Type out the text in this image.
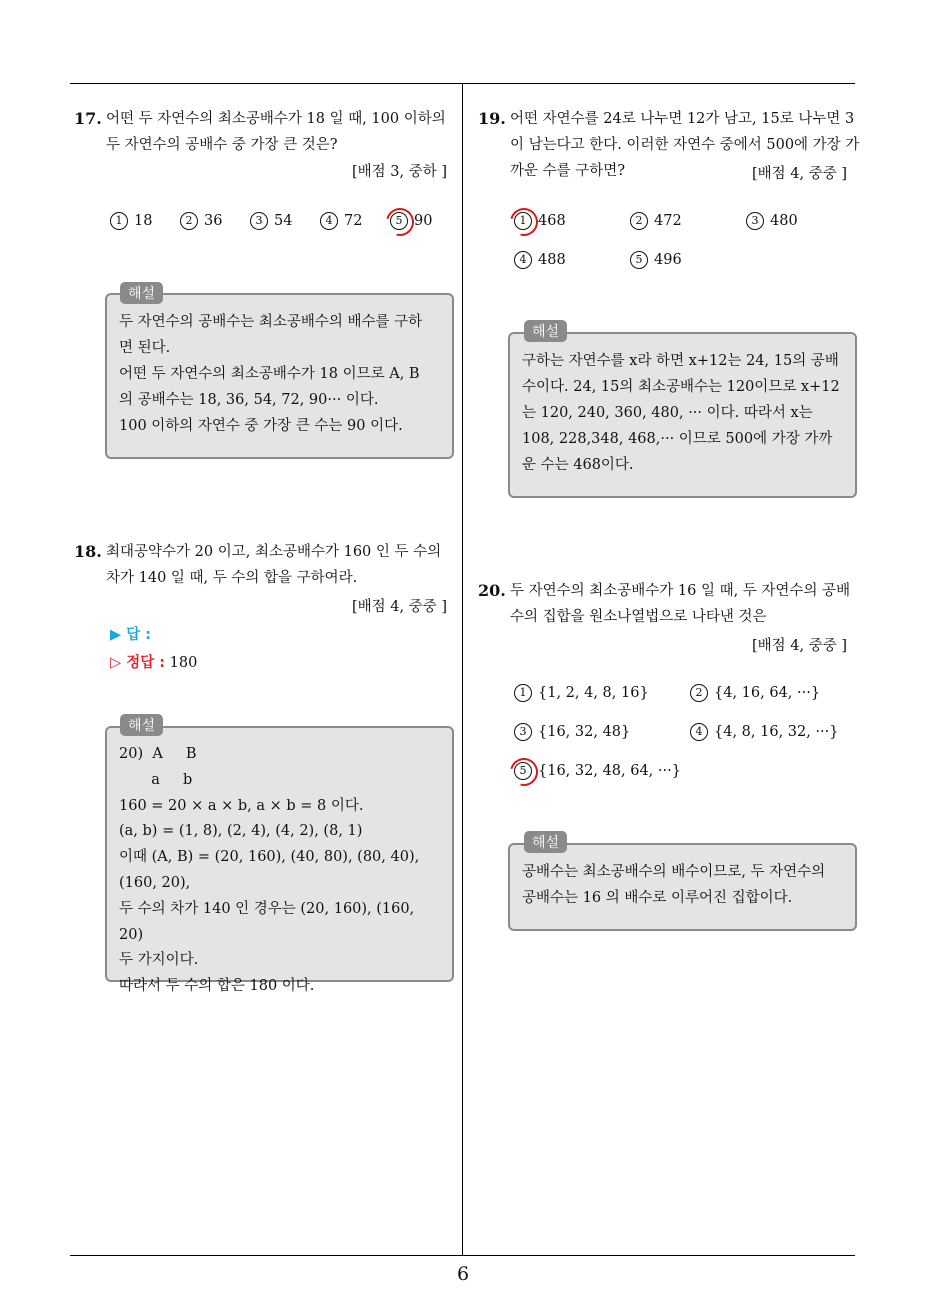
17. 어떤 두 자연수의 최소공배수가 18 일 때, 100 이하의 두 자연수의 공배수 중 가장 큰 것은?
[배점 3, 중하 ]
1 18	2 36	3 54	4 72	5 90
두 자연수의 공배수는 최소공배수의 배수를 구하
면 된다.
어떤 두 자연수의 최소공배수가 18 이므로 A, B
의 공배수는 18, 36, 54, 72, 90··· 이다.
100 이하의 자연수 중 가장 큰 수는 90 이다.
해설
18. 최대공약수가 20 이고, 최소공배수가 160 인 두 수의 차가 140 일 때, 두 수의 합을 구하여라.
[배점 4, 중중 ]
▶ 답 :
▷ 정답 : 180
20)  A     B
a     b
160 = 20 × a × b, a × b = 8 이다.
(a, b) = (1, 8), (2, 4), (4, 2), (8, 1)
이때 (A, B) = (20, 160), (40, 80), (80, 40),
(160, 20),
두 수의 차가 140 인 경우는 (20, 160), (160, 20)
두 가지이다.
따라서 두 수의 합은 180 이다.
해설
19. 어떤 자연수를 24로 나누면 12가 남고, 15로 나누면 3이 남는다고 한다. 이러한 자연수 중에서 500에 가장 가까운 수를 구하면?	[배점 4, 중중 ]
1 468	2 472	3 480
4 488	5 496
구하는 자연수를 x라 하면 x+12는 24, 15의 공배
수이다. 24, 15의 최소공배수는 120이므로 x+12
는 120, 240, 360, 480, ··· 이다. 따라서 x는
108, 228,348, 468,··· 이므로 500에 가장 가까
운 수는 468이다.
해설
20. 두 자연수의 최소공배수가 16 일 때, 두 자연수의 공배수의 집합을 원소나열법으로 나타낸 것은
[배점 4, 중중 ]
1 {1, 2, 4, 8, 16}	2 {4, 16, 64, ···}
3 {16, 32, 48}	4 {4, 8, 16, 32, ···}
5 {16, 32, 48, 64, ···}
공배수는 최소공배수의 배수이므로, 두 자연수의
공배수는 16 의 배수로 이루어진 집합이다.
해설
6
